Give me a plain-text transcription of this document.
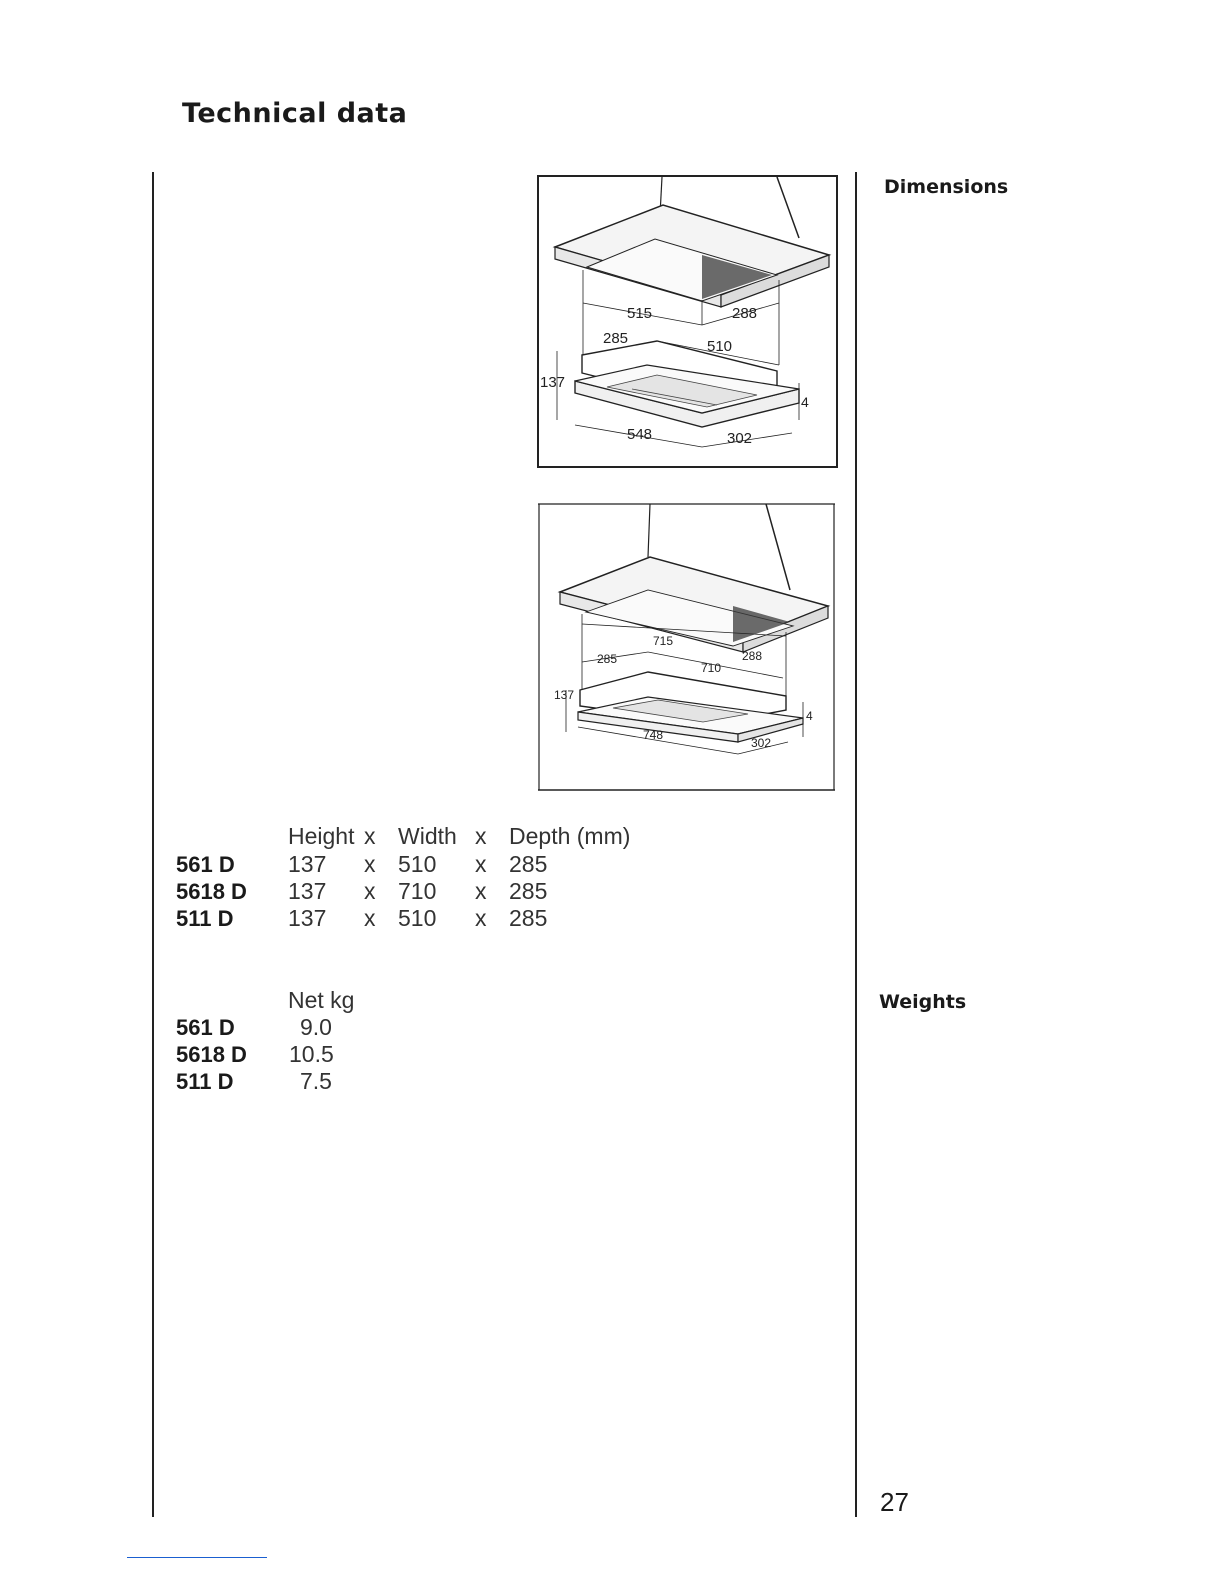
Technical data
Dimensions
Weights
515	288
285	510
137
4
548	302
715
288
285
710
137
4
748
302
Height x Width x Depth (mm)
561 D 137 x 510 x 285
5618 D 137 x 710 x 285
511 D 137 x 510 x 285
Net kg
561 D	9.0
5618 D 10.5
511 D	7.5
27
